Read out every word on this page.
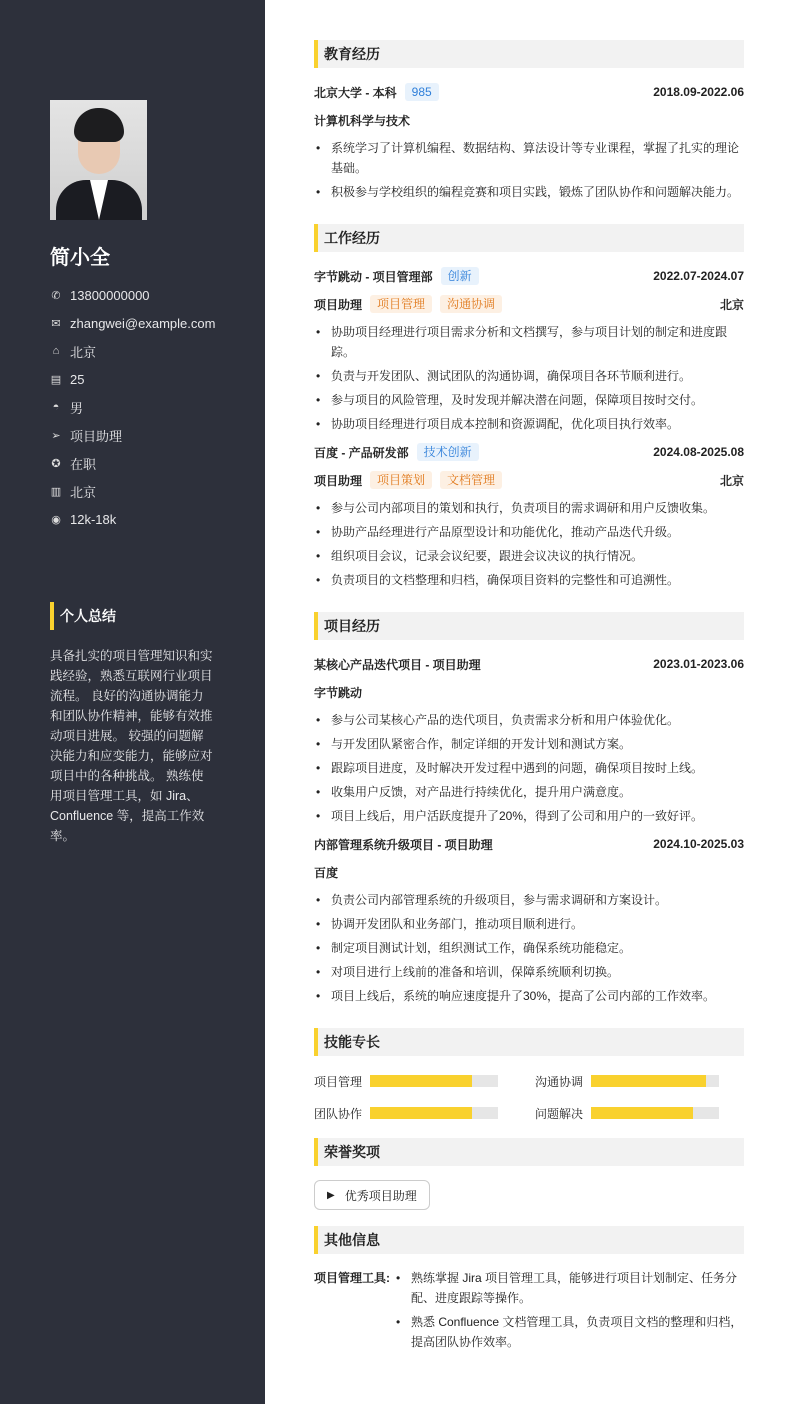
简小全
✆ 13800000000
✉ zhangwei@example.com
⌂ 北京
▤ 25
◓ 男
➢ 项目助理
✪ 在职
▥ 北京
◉ 12k-18k
个人总结
具备扎实的项目管理知识和实践经验，熟悉互联网行业项目流程。 良好的沟通协调能力和团队协作精神，能够有效推动项目进展。 较强的问题解决能力和应变能力，能够应对项目中的各种挑战。 熟练使用项目管理工具，如 Jira、Confluence 等，提高工作效率。
教育经历
北京大学 - 本科	985	2018.09-2022.06
计算机科学与技术
• 系统学习了计算机编程、数据结构、算法设计等专业课程，掌握了扎实的理论基础。
• 积极参与学校组织的编程竞赛和项目实践，锻炼了团队协作和问题解决能力。
工作经历
字节跳动 - 项目管理部	创新	2022.07-2024.07
项目助理	项目管理	沟通协调	北京
• 协助项目经理进行项目需求分析和文档撰写，参与项目计划的制定和进度跟踪。
• 负责与开发团队、测试团队的沟通协调，确保项目各环节顺利进行。
• 参与项目的风险管理，及时发现并解决潜在问题，保障项目按时交付。
• 协助项目经理进行项目成本控制和资源调配，优化项目执行效率。
百度 - 产品研发部	技术创新	2024.08-2025.08
项目助理	项目策划	文档管理	北京
• 参与公司内部项目的策划和执行，负责项目的需求调研和用户反馈收集。
• 协助产品经理进行产品原型设计和功能优化，推动产品迭代升级。
• 组织项目会议，记录会议纪要，跟进会议决议的执行情况。
• 负责项目的文档整理和归档，确保项目资料的完整性和可追溯性。
项目经历
某核心产品迭代项目 - 项目助理	2023.01-2023.06
字节跳动
• 参与公司某核心产品的迭代项目，负责需求分析和用户体验优化。
• 与开发团队紧密合作，制定详细的开发计划和测试方案。
• 跟踪项目进度，及时解决开发过程中遇到的问题，确保项目按时上线。
• 收集用户反馈，对产品进行持续优化，提升用户满意度。
• 项目上线后，用户活跃度提升了20%，得到了公司和用户的一致好评。
内部管理系统升级项目 - 项目助理	2024.10-2025.03
百度
• 负责公司内部管理系统的升级项目，参与需求调研和方案设计。
• 协调开发团队和业务部门，推动项目顺利进行。
• 制定项目测试计划，组织测试工作，确保系统功能稳定。
• 对项目进行上线前的准备和培训，保障系统顺利切换。
• 项目上线后，系统的响应速度提升了30%，提高了公司内部的工作效率。
技能专长
项目管理	沟通协调
团队协作	问题解决
荣誉奖项
▶ 优秀项目助理
其他信息
项目管理工具:	• 熟练掌握 Jira 项目管理工具，能够进行项目计划制定、任务分配、进度跟踪等操作。
• 熟悉 Confluence 文档管理工具，负责项目文档的整理和归档，提高团队协作效率。
